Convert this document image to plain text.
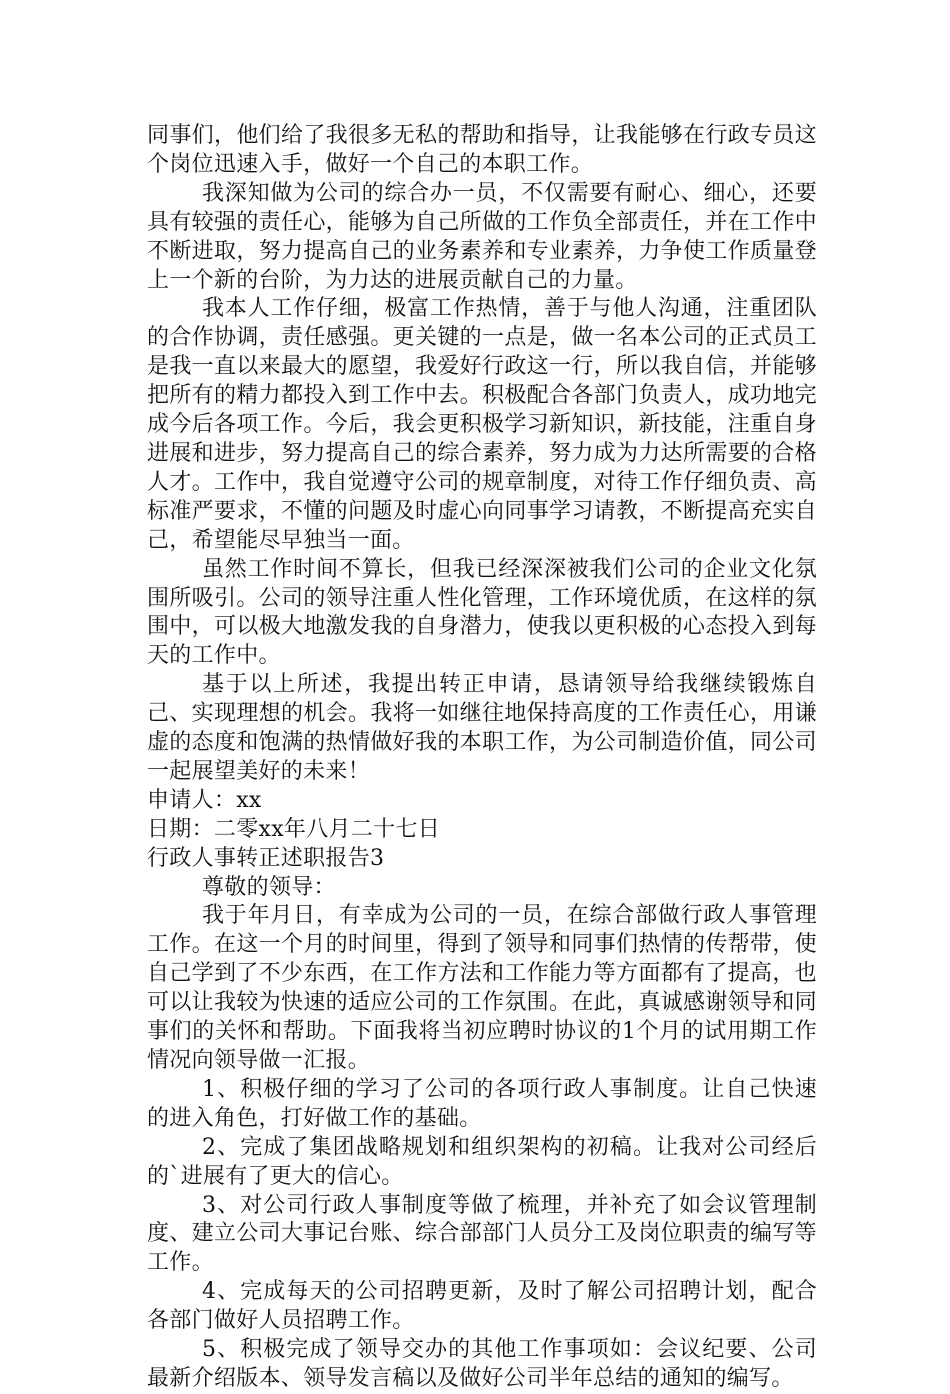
同事们，他们给了我很多无私的帮助和指导，让我能够在行政专员这个岗位迅速入手，做好一个自己的本职工作。

我深知做为公司的综合办一员，不仅需要有耐心、细心，还要具有较强的责任心，能够为自己所做的工作负全部责任，并在工作中不断进取，努力提高自己的业务素养和专业素养，力争使工作质量登上一个新的台阶，为力达的进展贡献自己的力量。

我本人工作仔细，极富工作热情，善于与他人沟通，注重团队的合作协调，责任感强。更关键的一点是，做一名本公司的正式员工是我一直以来最大的愿望，我爱好行政这一行，所以我自信，并能够把所有的精力都投入到工作中去。积极配合各部门负责人，成功地完成今后各项工作。今后，我会更积极学习新知识，新技能，注重自身进展和进步，努力提高自己的综合素养，努力成为力达所需要的合格人才。工作中，我自觉遵守公司的规章制度，对待工作仔细负责、高标准严要求，不懂的问题及时虚心向同事学习请教，不断提高充实自己，希望能尽早独当一面。

虽然工作时间不算长，但我已经深深被我们公司的企业文化氛围所吸引。公司的领导注重人性化管理，工作环境优质，在这样的氛围中，可以极大地激发我的自身潜力，使我以更积极的心态投入到每天的工作中。

基于以上所述，我提出转正申请，恳请领导给我继续锻炼自己、实现理想的机会。我将一如继往地保持高度的工作责任心，用谦虚的态度和饱满的热情做好我的本职工作，为公司制造价值，同公司一起展望美好的未来！

申请人：xx

日期：二零xx年八月二十七日

行政人事转正述职报告3

尊敬的领导：

我于年月日，有幸成为公司的一员，在综合部做行政人事管理工作。在这一个月的时间里，得到了领导和同事们热情的传帮带，使自己学到了不少东西，在工作方法和工作能力等方面都有了提高，也可以让我较为快速的适应公司的工作氛围。在此，真诚感谢领导和同事们的关怀和帮助。下面我将当初应聘时协议的1个月的试用期工作情况向领导做一汇报。

1、积极仔细的学习了公司的各项行政人事制度。让自己快速的进入角色，打好做工作的基础。

2、完成了集团战略规划和组织架构的初稿。让我对公司经后的`进展有了更大的信心。

3、对公司行政人事制度等做了梳理，并补充了如会议管理制度、建立公司大事记台账、综合部部门人员分工及岗位职责的编写等工作。

4、完成每天的公司招聘更新，及时了解公司招聘计划，配合各部门做好人员招聘工作。

5、积极完成了领导交办的其他工作事项如：会议纪要、公司最新介绍版本、领导发言稿以及做好公司半年总结的通知的编写。
